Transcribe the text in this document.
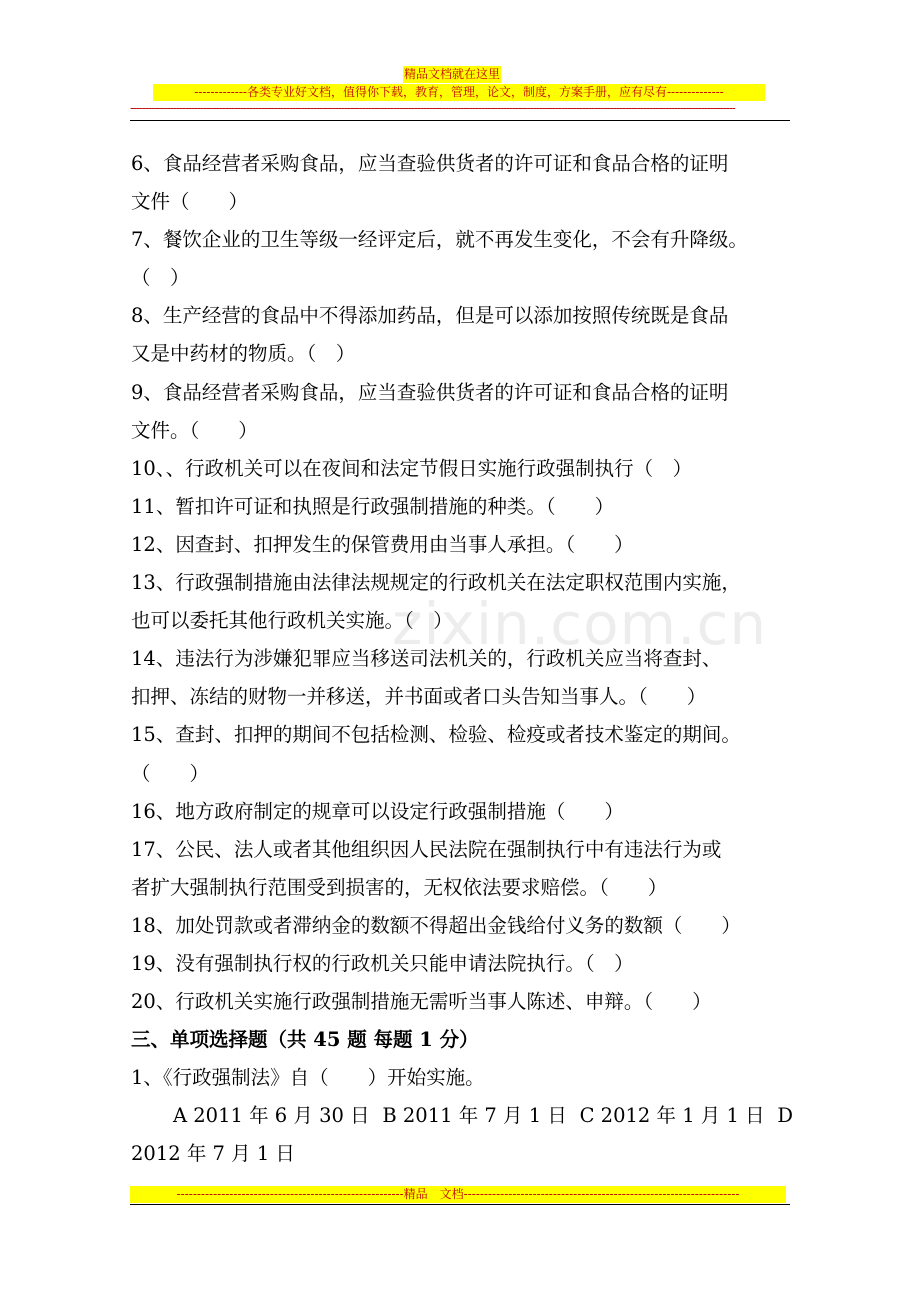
精品文档就在这里
-------------各类专业好文档，值得你下载，教育，管理，论文，制度，方案手册，应有尽有--------------
------------------------------------------------------------------------------------------------------------------------------------------------------------------------------------------------------
zixin.com.cn
6、食品经营者采购食品，应当查验供货者的许可证和食品合格的证明
文件（　　）
7、餐饮企业的卫生等级一经评定后，就不再发生变化，不会有升降级。
（　）
8、生产经营的食品中不得添加药品，但是可以添加按照传统既是食品
又是中药材的物质。（　）
9、食品经营者采购食品，应当查验供货者的许可证和食品合格的证明
文件。（　　）
10、、行政机关可以在夜间和法定节假日实施行政强制执行（　）
11、暂扣许可证和执照是行政强制措施的种类。（　　）
12、因查封、扣押发生的保管费用由当事人承担。（　　）
13、行政强制措施由法律法规规定的行政机关在法定职权范围内实施，
也可以委托其他行政机关实施。（　）
14、违法行为涉嫌犯罪应当移送司法机关的，行政机关应当将查封、
扣押、冻结的财物一并移送，并书面或者口头告知当事人。（　　）
15、查封、扣押的期间不包括检测、检验、检疫或者技术鉴定的期间。
（　　）
16、地方政府制定的规章可以设定行政强制措施（　　）
17、公民、法人或者其他组织因人民法院在强制执行中有违法行为或
者扩大强制执行范围受到损害的，无权依法要求赔偿。（　　）
18、加处罚款或者滞纳金的数额不得超出金钱给付义务的数额（　　）
19、没有强制执行权的行政机关只能申请法院执行。（　）
20、行政机关实施行政强制措施无需听当事人陈述、申辩。（　　）
三、单项选择题（共 45 题 每题 1 分）
1、《行政强制法》自（　　）开始实施。
A 2011 年 6 月 30 日 B 2011 年 7 月 1 日 C 2012 年 1 月 1 日 D
2012 年 7 月 1 日
--------------------------------------------------------精品　文档--------------------------------------------------------------------
